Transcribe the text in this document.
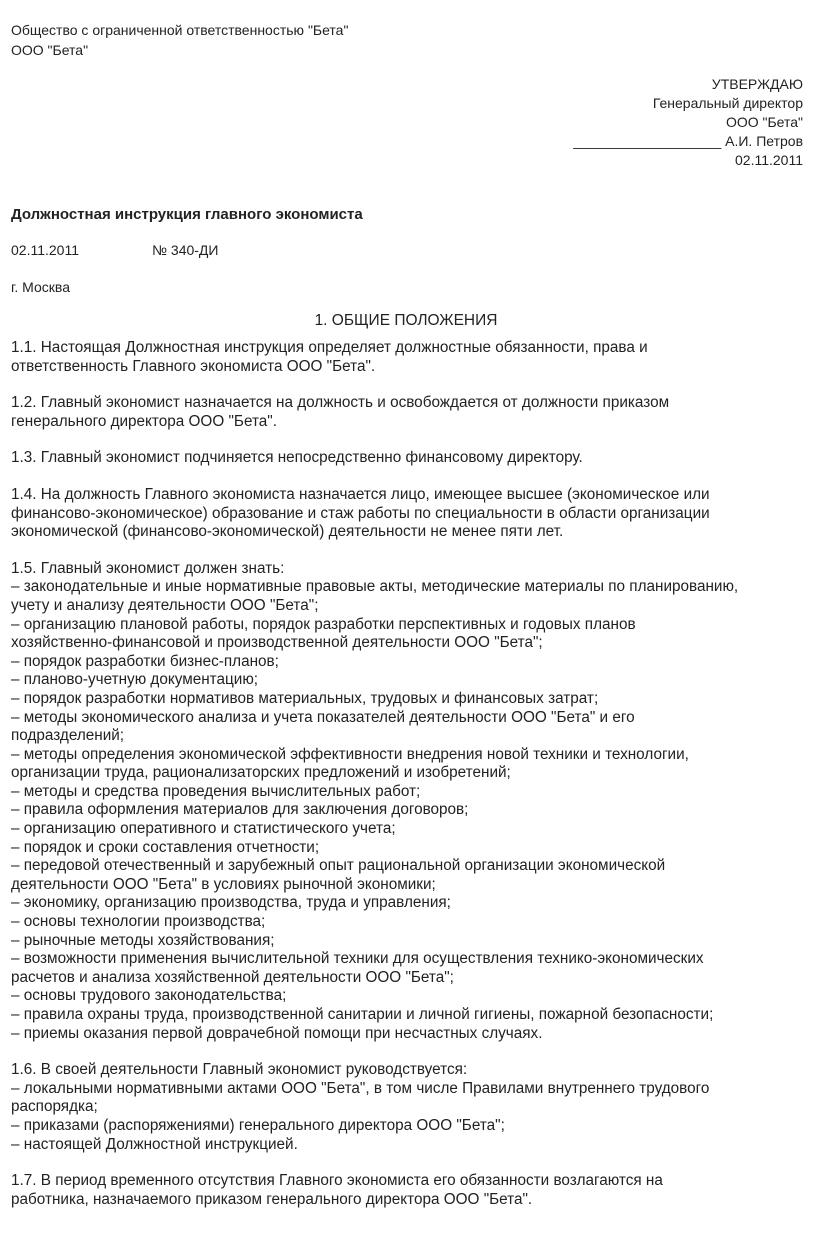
Общество с ограниченной ответственностью "Бета"
ООО "Бета"
УТВЕРЖДАЮ
Генеральный директор
ООО "Бета"
___________________ А.И. Петров
02.11.2011
Должностная инструкция главного экономиста
02.11.2011	№ 340-ДИ
г. Москва
1. ОБЩИЕ ПОЛОЖЕНИЯ

1.1. Настоящая Должностная инструкция определяет должностные обязанности, права и
ответственность Главного экономиста ООО "Бета".

1.2. Главный экономист назначается на должность и освобождается от должности приказом
генерального директора ООО "Бета".

1.3. Главный экономист подчиняется непосредственно финансовому директору.

1.4. На должность Главного экономиста назначается лицо, имеющее высшее (экономическое или
финансово-экономическое) образование и стаж работы по специальности в области организации
экономической (финансово-экономической) деятельности не менее пяти лет.

1.5. Главный экономист должен знать:
– законодательные и иные нормативные правовые акты, методические материалы по планированию,
учету и анализу деятельности ООО "Бета";
– организацию плановой работы, порядок разработки перспективных и годовых планов
хозяйственно-финансовой и производственной деятельности ООО "Бета";
– порядок разработки бизнес-планов;
– планово-учетную документацию;
– порядок разработки нормативов материальных, трудовых и финансовых затрат;
– методы экономического анализа и учета показателей деятельности ООО "Бета" и его
подразделений;
– методы определения экономической эффективности внедрения новой техники и технологии,
организации труда, рационализаторских предложений и изобретений;
– методы и средства проведения вычислительных работ;
– правила оформления материалов для заключения договоров;
– организацию оперативного и статистического учета;
– порядок и сроки составления отчетности;
– передовой отечественный и зарубежный опыт рациональной организации экономической
деятельности ООО "Бета" в условиях рыночной экономики;
– экономику, организацию производства, труда и управления;
– основы технологии производства;
– рыночные методы хозяйствования;
– возможности применения вычислительной техники для осуществления технико-экономических
расчетов и анализа хозяйственной деятельности ООО "Бета";
– основы трудового законодательства;
– правила охраны труда, производственной санитарии и личной гигиены, пожарной безопасности;
– приемы оказания первой доврачебной помощи при несчастных случаях.

1.6. В своей деятельности Главный экономист руководствуется:
– локальными нормативными актами ООО "Бета", в том числе Правилами внутреннего трудового
распорядка;
– приказами (распоряжениями) генерального директора ООО "Бета";
– настоящей Должностной инструкцией.

1.7. В период временного отсутствия Главного экономиста его обязанности возлагаются на
работника, назначаемого приказом генерального директора ООО "Бета".
